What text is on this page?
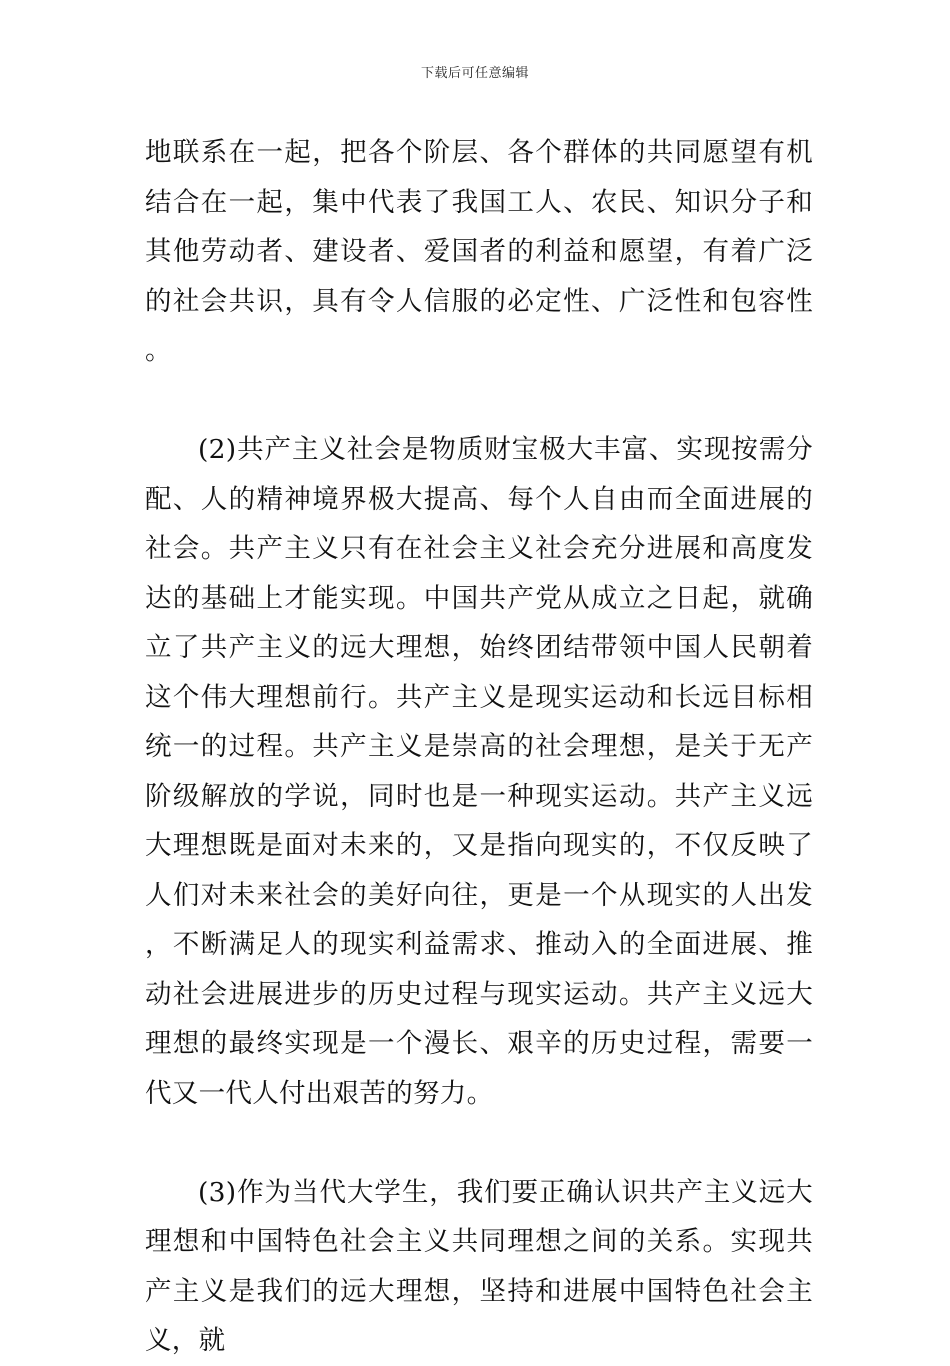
下载后可任意编辑

地联系在一起，把各个阶层、各个群体的共同愿望有机结合在一起，集中代表了我国工人、农民、知识分子和其他劳动者、建设者、爱国者的利益和愿望，有着广泛的社会共识，具有令人信服的必定性、广泛性和包容性。

(2)共产主义社会是物质财宝极大丰富、实现按需分配、人的精神境界极大提高、每个人自由而全面进展的社会。共产主义只有在社会主义社会充分进展和高度发达的基础上才能实现。中国共产党从成立之日起，就确立了共产主义的远大理想，始终团结带领中国人民朝着这个伟大理想前行。共产主义是现实运动和长远目标相统一的过程。共产主义是崇高的社会理想，是关于无产阶级解放的学说，同时也是一种现实运动。共产主义远大理想既是面对未来的，又是指向现实的，不仅反映了人们对未来社会的美好向往，更是一个从现实的人出发，不断满足人的现实利益需求、推动入的全面进展、推动社会进展进步的历史过程与现实运动。共产主义远大理想的最终实现是一个漫长、艰辛的历史过程，需要一代又一代人付出艰苦的努力。

(3)作为当代大学生，我们要正确认识共产主义远大理想和中国特色社会主义共同理想之间的关系。实现共产主义是我们的远大理想，坚持和进展中国特色社会主义，就
